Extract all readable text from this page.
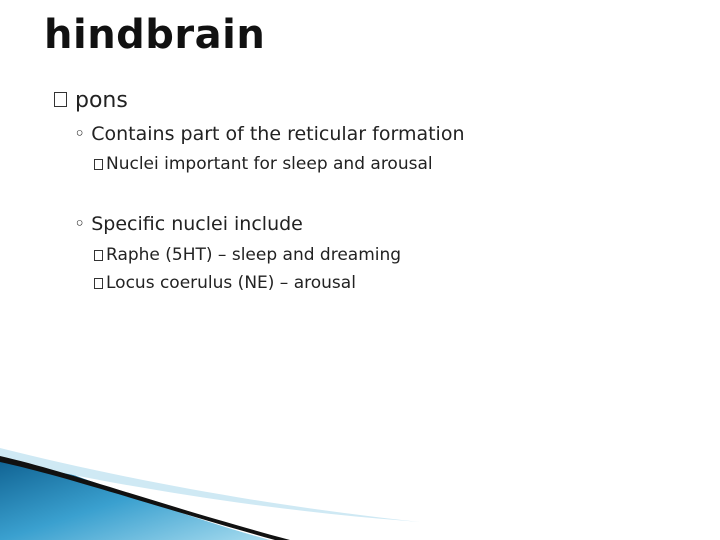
hindbrain
pons
◦ Contains part of the reticular formation
Nuclei important for sleep and arousal
◦ Specific nuclei include
Raphe (5HT) – sleep and dreaming
Locus coerulus (NE) – arousal
